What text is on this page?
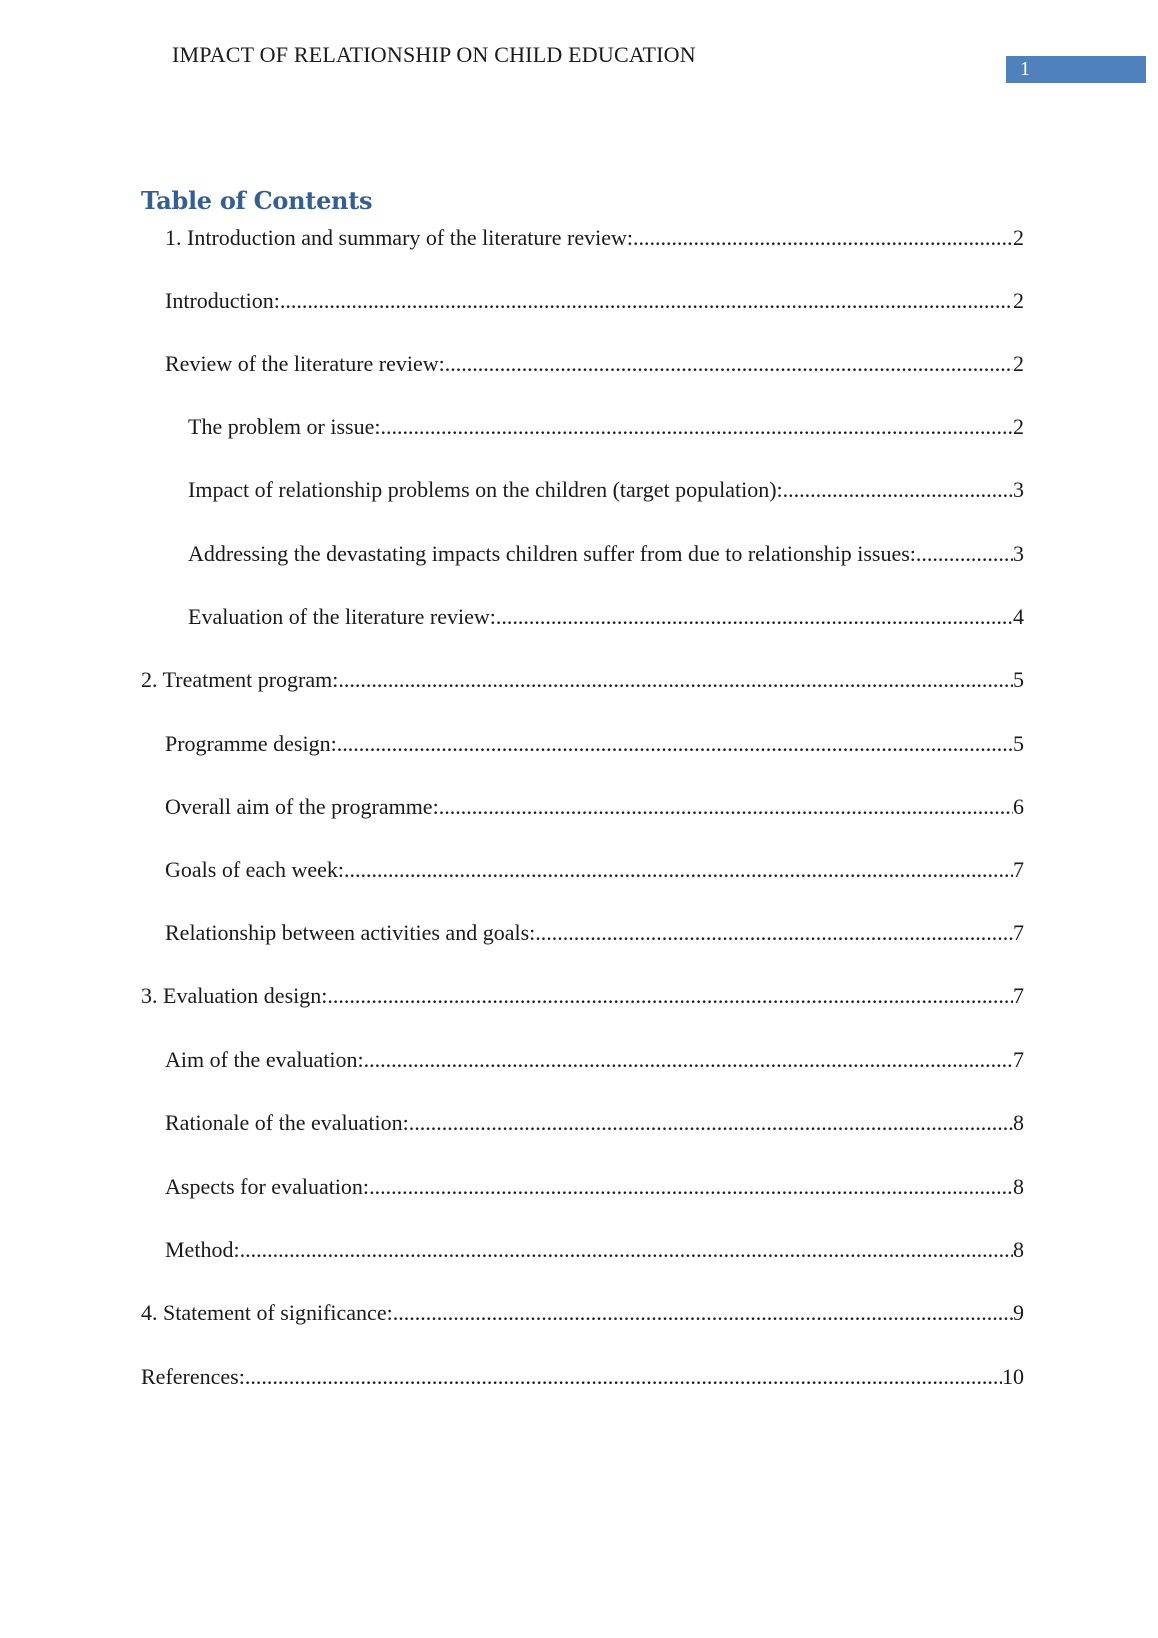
IMPACT OF RELATIONSHIP ON CHILD EDUCATION
1
Table of Contents
1. Introduction and summary of the literature review: .....	2
Introduction: .....	2
Review of the literature review: .....	2
The problem or issue: .....	2
Impact of relationship problems on the children (target population): .....	3
Addressing the devastating impacts children suffer from due to relationship issues: .....	3
Evaluation of the literature review: .....	4
2. Treatment program: .....	5
Programme design: .....	5
Overall aim of the programme: .....	6
Goals of each week: .....	7
Relationship between activities and goals: .....	7
3. Evaluation design: .....	7
Aim of the evaluation: .....	7
Rationale of the evaluation: .....	8
Aspects for evaluation: .....	8
Method: .....	8
4. Statement of significance: .....	9
References: .....	10
